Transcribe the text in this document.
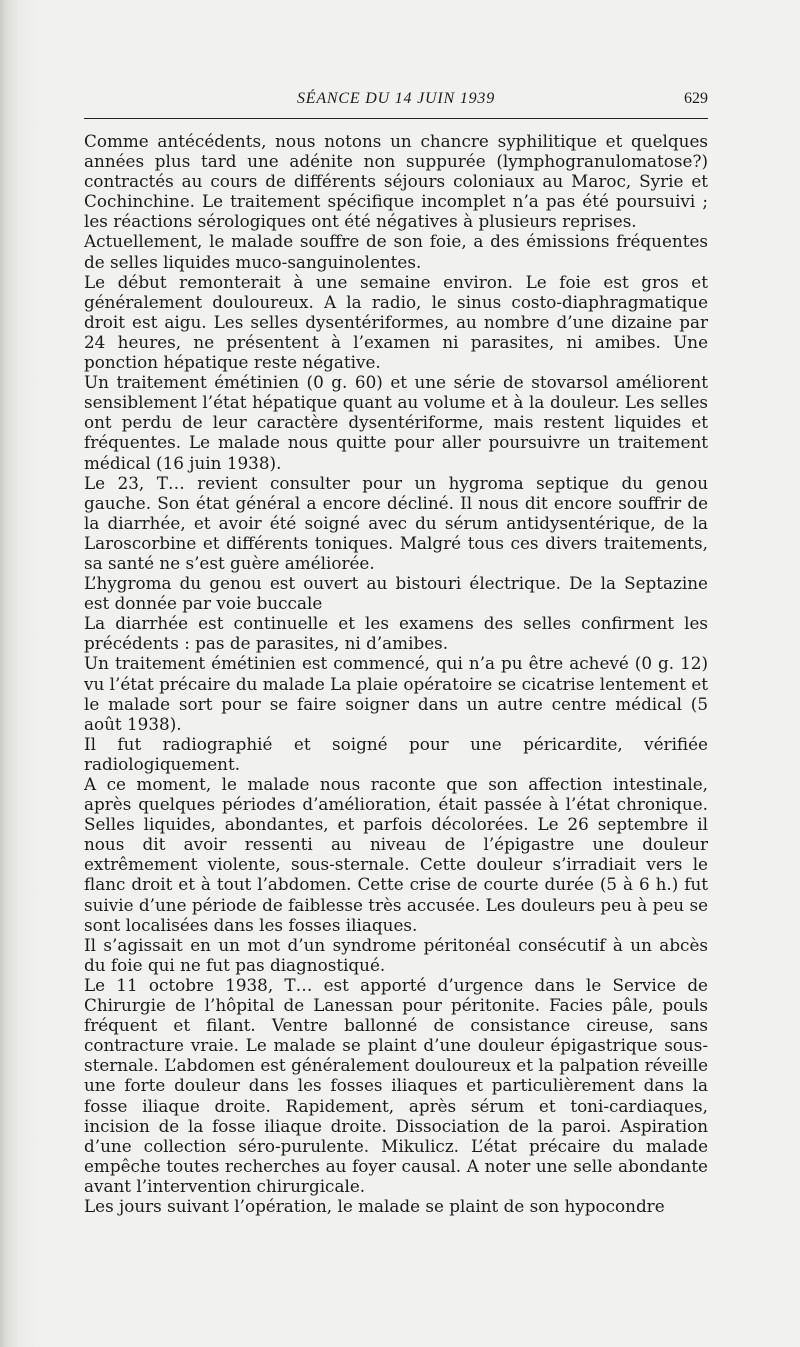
SÉANCE DU 14 JUIN 1939	629

Comme antécédents, nous notons un chancre syphilitique et quelques années plus tard une adénite non suppurée (lymphogranulomatose?) contractés au cours de différents séjours coloniaux au Maroc, Syrie et Cochinchine. Le traitement spécifique incomplet n’a pas été poursuivi ; les réactions sérologiques ont été négatives à plusieurs reprises.

Actuellement, le malade souffre de son foie, a des émissions fréquentes de selles liquides muco-sanguinolentes.

Le début remonterait à une semaine environ. Le foie est gros et généralement douloureux. A la radio, le sinus costo-diaphragmatique droit est aigu. Les selles dysentériformes, au nombre d’une dizaine par 24 heures, ne présentent à l’examen ni parasites, ni amibes. Une ponction hépatique reste négative.

Un traitement émétinien (0 g. 60) et une série de stovarsol améliorent sensiblement l’état hépatique quant au volume et à la douleur. Les selles ont perdu de leur caractère dysentériforme, mais restent liquides et fréquentes. Le malade nous quitte pour aller poursuivre un traitement médical (16 juin 1938).

Le 23, T… revient consulter pour un hygroma septique du genou gauche. Son état général a encore décliné. Il nous dit encore souffrir de la diarrhée, et avoir été soigné avec du sérum antidysentérique, de la Laroscorbine et différents toniques. Malgré tous ces divers traitements, sa santé ne s’est guère améliorée.

L’hygroma du genou est ouvert au bistouri électrique. De la Septazine est donnée par voie buccale

La diarrhée est continuelle et les examens des selles confirment les précédents : pas de parasites, ni d’amibes.

Un traitement émétinien est commencé, qui n’a pu être achevé (0 g. 12) vu l’état précaire du malade La plaie opératoire se cicatrise lentement et le malade sort pour se faire soigner dans un autre centre médical (5 août 1938).

Il fut radiographié et soigné pour une péricardite, vérifiée radiologiquement.

A ce moment, le malade nous raconte que son affection intestinale, après quelques périodes d’amélioration, était passée à l’état chronique. Selles liquides, abondantes, et parfois décolorées. Le 26 septembre il nous dit avoir ressenti au niveau de l’épigastre une douleur extrêmement violente, sous-sternale. Cette douleur s’irradiait vers le flanc droit et à tout l’abdomen. Cette crise de courte durée (5 à 6 h.) fut suivie d’une période de faiblesse très accusée. Les douleurs peu à peu se sont localisées dans les fosses iliaques.

Il s’agissait en un mot d’un syndrome péritonéal consécutif à un abcès du foie qui ne fut pas diagnostiqué.

Le 11 octobre 1938, T… est apporté d’urgence dans le Service de Chirurgie de l’hôpital de Lanessan pour péritonite. Facies pâle, pouls fréquent et filant. Ventre ballonné de consistance cireuse, sans contracture vraie. Le malade se plaint d’une douleur épigastrique sous-sternale. L’abdomen est généralement douloureux et la palpation réveille une forte douleur dans les fosses iliaques et particulièrement dans la fosse iliaque droite. Rapidement, après sérum et toni-cardiaques, incision de la fosse iliaque droite. Dissociation de la paroi. Aspiration d’une collection séro-purulente. Mikulicz. L’état précaire du malade empêche toutes recherches au foyer causal. A noter une selle abondante avant l’intervention chirurgicale.

Les jours suivant l’opération, le malade se plaint de son hypocondre
